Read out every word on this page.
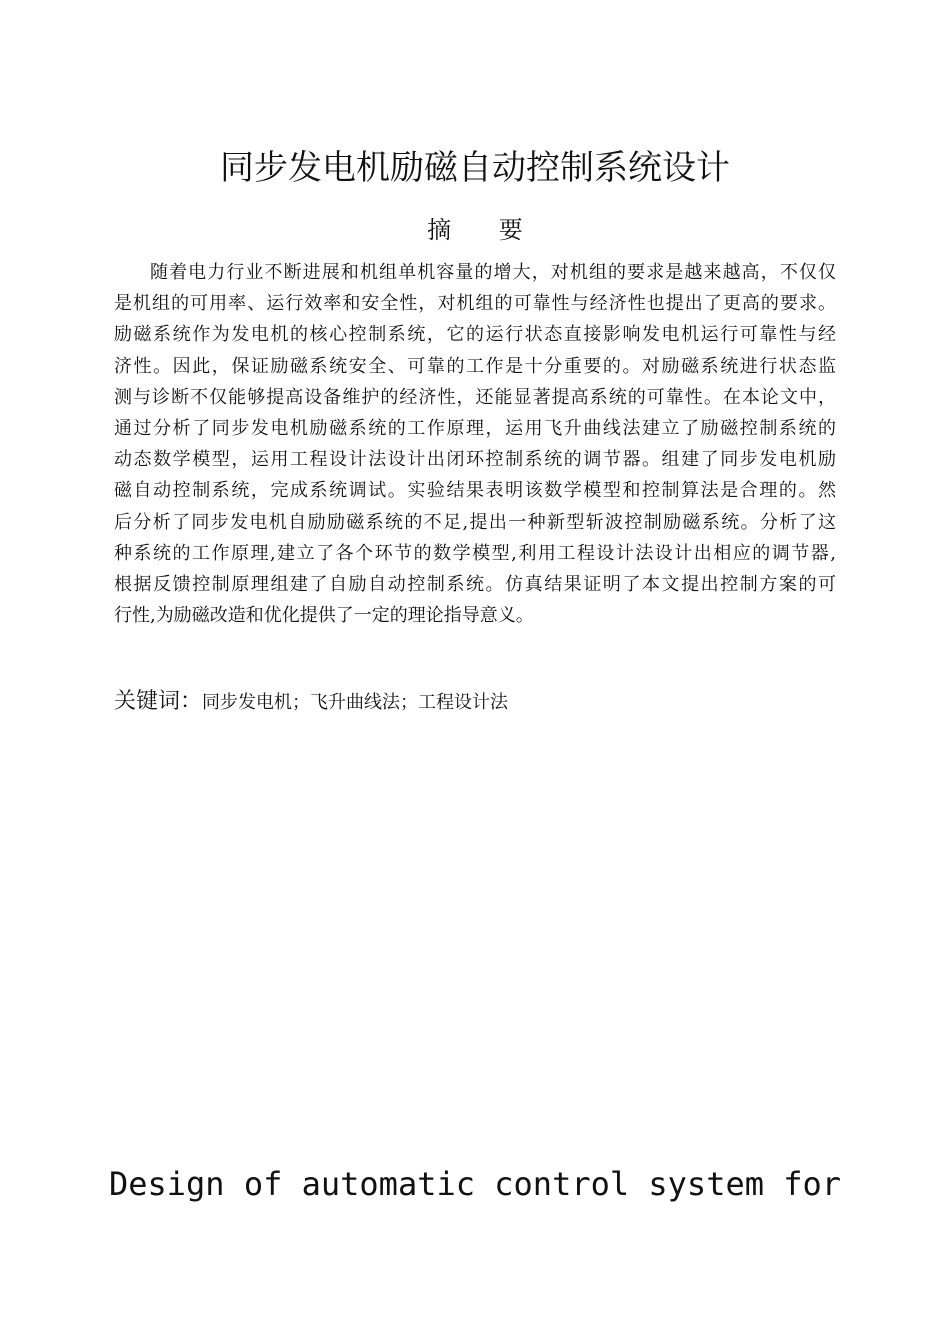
同步发电机励磁自动控制系统设计
摘 要
随着电力行业不断进展和机组单机容量的增大，对机组的要求是越来越高，不仅仅
是机组的可用率、运行效率和安全性，对机组的可靠性与经济性也提出了更高的要求。
励磁系统作为发电机的核心控制系统，它的运行状态直接影响发电机运行可靠性与经
济性。因此，保证励磁系统安全、可靠的工作是十分重要的。对励磁系统进行状态监
测与诊断不仅能够提高设备维护的经济性，还能显著提高系统的可靠性。在本论文中，
通过分析了同步发电机励磁系统的工作原理，运用飞升曲线法建立了励磁控制系统的
动态数学模型，运用工程设计法设计出闭环控制系统的调节器。组建了同步发电机励
磁自动控制系统，完成系统调试。实验结果表明该数学模型和控制算法是合理的。然
后分析了同步发电机自励励磁系统的不足,提出一种新型斩波控制励磁系统。分析了这
种系统的工作原理,建立了各个环节的数学模型,利用工程设计法设计出相应的调节器,
根据反馈控制原理组建了自励自动控制系统。仿真结果证明了本文提出控制方案的可
行性,为励磁改造和优化提供了一定的理论指导意义。

关键词：同步发电机；飞升曲线法；工程设计法

Design of automatic control system for
